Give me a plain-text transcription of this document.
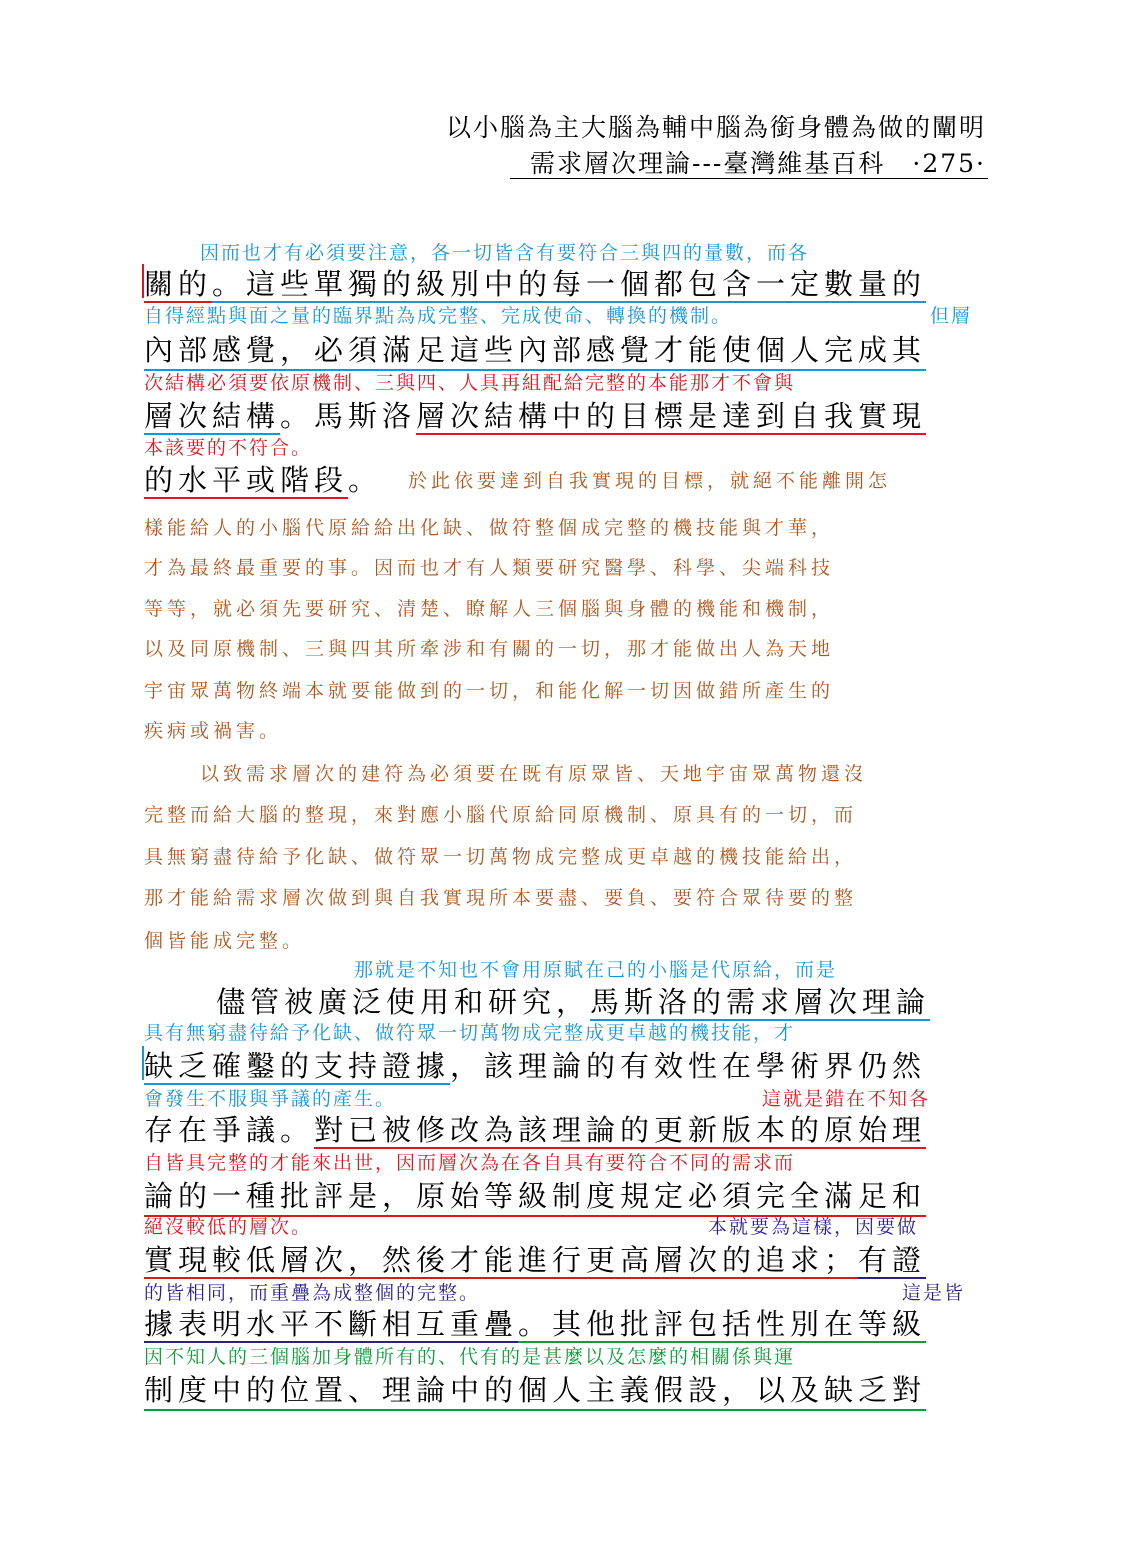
以小腦為主大腦為輔中腦為銜身體為做的闡明
需求層次理論---臺灣維基百科　·275·
因而也才有必須要注意，各一切皆含有要符合三與四的量數，而各
關的。這些單獨的級別中的每一個都包含一定數量的
自得經點與面之量的臨界點為成完整、完成使命、轉換的機制。	但層
內部感覺，必須滿足這些內部感覺才能使個人完成其
次結構必須要依原機制、三與四、人具再組配給完整的本能那才不會與
層次結構。馬斯洛層次結構中的目標是達到自我實現
本該要的不符合。
的水平或階段。 於此依要達到自我實現的目標，就絕不能離開怎
樣能給人的小腦代原給給出化缺、做符整個成完整的機技能與才華，
才為最終最重要的事。因而也才有人類要研究醫學、科學、尖端科技
等等，就必須先要研究、清楚、瞭解人三個腦與身體的機能和機制，
以及同原機制、三與四其所牽涉和有關的一切，那才能做出人為天地
宇宙眾萬物終端本就要能做到的一切，和能化解一切因做錯所產生的
疾病或禍害。
以致需求層次的建符為必須要在既有原眾皆、天地宇宙眾萬物還沒
完整而給大腦的整現，來對應小腦代原給同原機制、原具有的一切，而
具無窮盡待給予化缺、做符眾一切萬物成完整成更卓越的機技能給出，
那才能給需求層次做到與自我實現所本要盡、要負、要符合眾待要的整
個皆能成完整。
那就是不知也不會用原賦在己的小腦是代原給，而是
儘管被廣泛使用和研究，馬斯洛的需求層次理論
具有無窮盡待給予化缺、做符眾一切萬物成完整成更卓越的機技能，才
缺乏確鑿的支持證據，該理論的有效性在學術界仍然
會發生不服與爭議的產生。	這就是錯在不知各
存在爭議。對已被修改為該理論的更新版本的原始理
自皆具完整的才能來出世，因而層次為在各自具有要符合不同的需求而
論的一種批評是，原始等級制度規定必須完全滿足和
絕沒較低的層次。	本就要為這樣，因要做
實現較低層次，然後才能進行更高層次的追求；有證
的皆相同，而重疊為成整個的完整。	這是皆
據表明水平不斷相互重疊。其他批評包括性別在等級
因不知人的三個腦加身體所有的、代有的是甚麼以及怎麼的相關係與運
制度中的位置、理論中的個人主義假設，以及缺乏對
